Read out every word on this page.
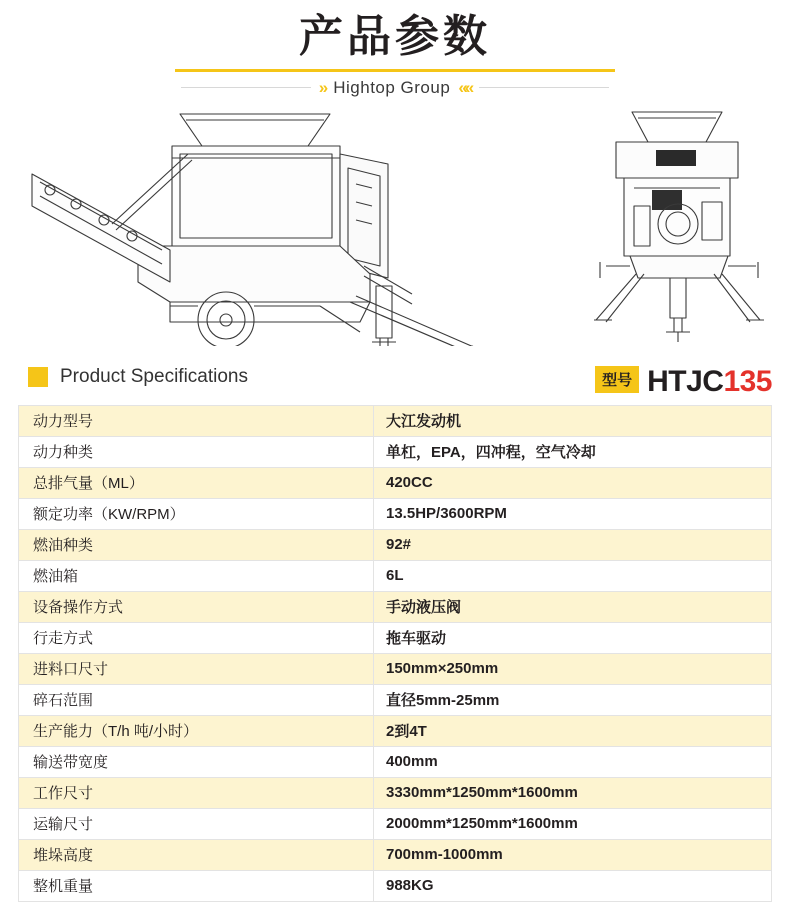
产品参数
» Hightop Group ««
Product Specifications	型号 HTJC135
动力型号	大江发动机
动力种类	单杠，EPA，四冲程，空气冷却
总排气量（ML）	420CC
额定功率（KW/RPM）	13.5HP/3600RPM
燃油种类	92#
燃油箱	6L
设备操作方式	手动液压阀
行走方式	拖车驱动
进料口尺寸	150mm×250mm
碎石范围	直径5mm-25mm
生产能力（T/h 吨/小时）	2到4T
输送带宽度	400mm
工作尺寸	3330mm*1250mm*1600mm
运输尺寸	2000mm*1250mm*1600mm
堆垛高度	700mm-1000mm
整机重量	988KG
